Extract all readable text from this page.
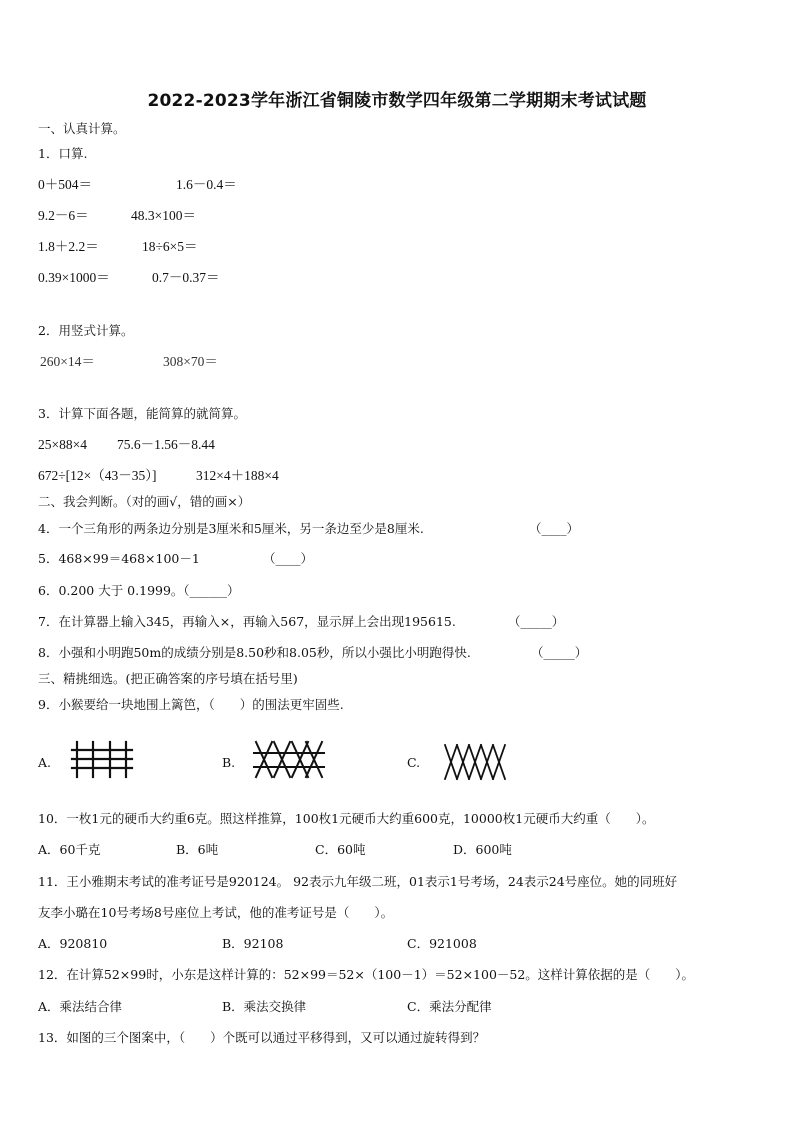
2022-2023学年浙江省铜陵市数学四年级第二学期期末考试试题
一、认真计算。
1．口算.
0＋504＝	1.6－0.4＝
9.2－6＝	48.3×100＝
1.8＋2.2＝	18÷6×5＝
0.39×1000＝	0.7－0.37＝
2．用竖式计算。
260×14＝	308×70＝
3．计算下面各题，能简算的就简算。
25×88×4 75.6－1.56－8.44
672÷[12×（43－35）]	312×4＋188×4
二、我会判断。（对的画√，错的画×）
4．一个三角形的两条边分别是3厘米和5厘米，另一条边至少是8厘米.	（____）
5．468×99＝468×100－1	（____）
6．0.200 大于 0.1999。
（______）
7．在计算器上输入345，再输入×，再输入567，显示屏上会出现195615.	（_____）
8．小强和小明跑50m的成绩分别是8.50秒和8.05秒，所以小强比小明跑得快.	（_____）
三、精挑细选。(把正确答案的序号填在括号里)
9．小猴要给一块地围上篱笆，（　　）的围法更牢固些.
A.	B.	C.
10．一枚1元的硬币大约重6克。照这样推算，100枚1元硬币大约重600克，10000枚1元硬币大约重（　　）。
A．60千克	B．6吨	C．60吨	D．600吨
11．王小雅期末考试的准考证号是920124。 92表示九年级二班，01表示1号考场，24表示24号座位。她的同班好
友李小璐在10号考场8号座位上考试，他的准考证号是（　　）。
A．920810	B．92108	C．921008
12．在计算52×99时，小东是这样计算的：52×99＝52×（100－1）＝52×100－52。这样计算依据的是（　　）。
A．乘法结合律	B．乘法交换律	C．乘法分配律
13．如图的三个图案中，（　　）个既可以通过平移得到，又可以通过旋转得到？
